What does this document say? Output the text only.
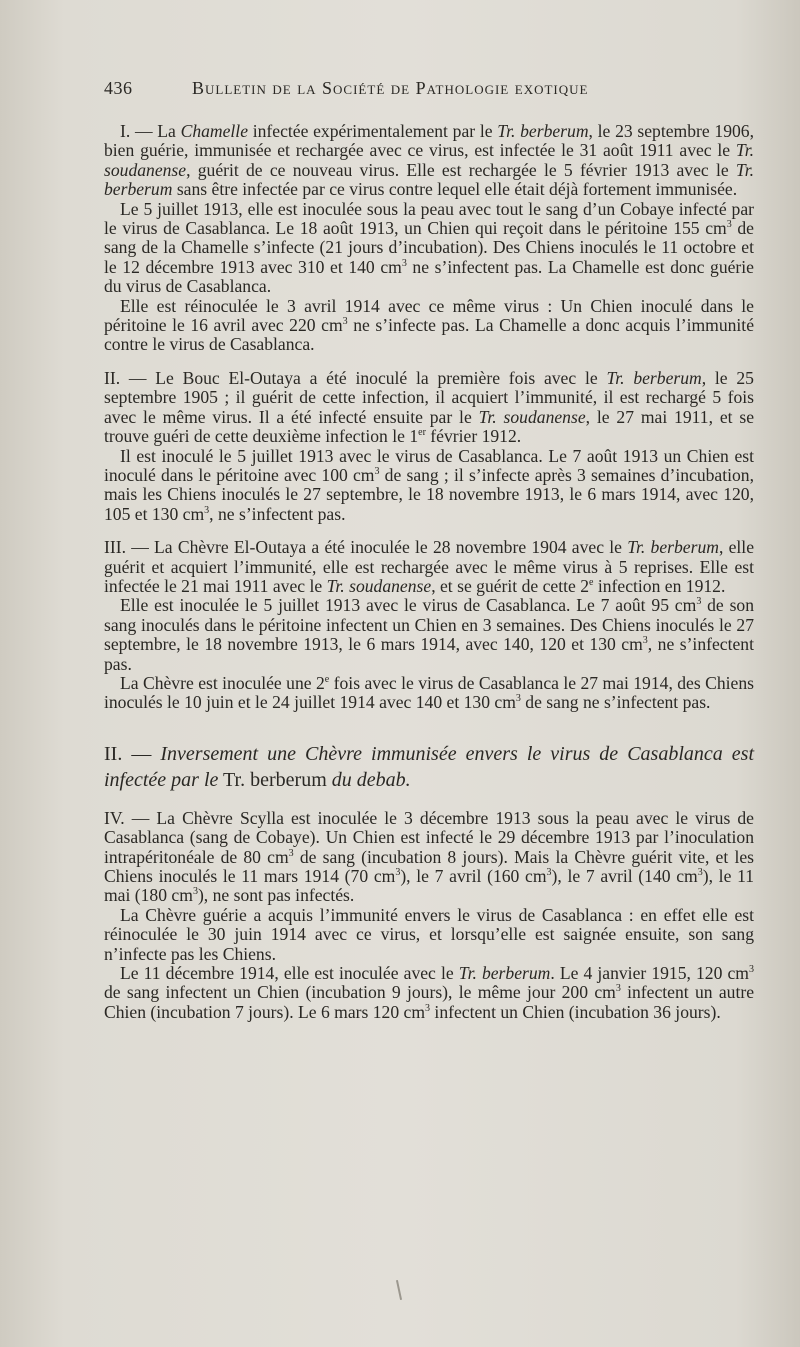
436	Bulletin de la Société de Pathologie exotique

I. — La Chamelle infectée expérimentalement par le Tr. berberum, le 23 septembre 1906, bien guérie, immunisée et rechargée avec ce virus, est infectée le 31 août 1911 avec le Tr. soudanense, guérit de ce nouveau virus. Elle est rechargée le 5 février 1913 avec le Tr. berberum sans être infectée par ce virus contre lequel elle était déjà fortement immunisée.

Le 5 juillet 1913, elle est inoculée sous la peau avec tout le sang d’un Cobaye infecté par le virus de Casablanca. Le 18 août 1913, un Chien qui reçoit dans le péritoine 155 $cm^3$ de sang de la Chamelle s’infecte (21 jours d’incubation). Des Chiens inoculés le 11 octobre et le 12 décembre 1913 avec 310 et 140 $cm^3$ ne s’infectent pas. La Chamelle est donc guérie du virus de Casablanca.

Elle est réinoculée le 3 avril 1914 avec ce même virus : Un Chien inoculé dans le péritoine le 16 avril avec 220 $cm^3$ ne s’infecte pas. La Chamelle a donc acquis l’immunité contre le virus de Casablanca.

II. — Le Bouc El-Outaya a été inoculé la première fois avec le Tr. berberum, le 25 septembre 1905 ; il guérit de cette infection, il acquiert l’immunité, il est rechargé 5 fois avec le même virus. Il a été infecté ensuite par le Tr. soudanense, le 27 mai 1911, et se trouve guéri de cette deuxième infection le 1er février 1912.

Il est inoculé le 5 juillet 1913 avec le virus de Casablanca. Le 7 août 1913 un Chien est inoculé dans le péritoine avec 100 $cm^3$ de sang ; il s’infecte après 3 semaines d’incubation, mais les Chiens inoculés le 27 septembre, le 18 novembre 1913, le 6 mars 1914, avec 120, 105 et 130 $cm^3$, ne s’infectent pas.

III. — La Chèvre El-Outaya a été inoculée le 28 novembre 1904 avec le Tr. berberum, elle guérit et acquiert l’immunité, elle est rechargée avec le même virus à 5 reprises. Elle est infectée le 21 mai 1911 avec le Tr. soudanense, et se guérit de cette 2e infection en 1912.

Elle est inoculée le 5 juillet 1913 avec le virus de Casablanca. Le 7 août 95 $cm^3$ de son sang inoculés dans le péritoine infectent un Chien en 3 semaines. Des Chiens inoculés le 27 septembre, le 18 novembre 1913, le 6 mars 1914, avec 140, 120 et 130 $cm^3$, ne s’infectent pas.

La Chèvre est inoculée une 2e fois avec le virus de Casablanca le 27 mai 1914, des Chiens inoculés le 10 juin et le 24 juillet 1914 avec 140 et 130 $cm^3$ de sang ne s’infectent pas.

II. — Inversement une Chèvre immunisée envers le virus de Casablanca est infectée par le Tr. berberum du debab.

IV. — La Chèvre Scylla est inoculée le 3 décembre 1913 sous la peau avec le virus de Casablanca (sang de Cobaye). Un Chien est infecté le 29 décembre 1913 par l’inoculation intrapéritonéale de 80 $cm^3$ de sang (incubation 8 jours). Mais la Chèvre guérit vite, et les Chiens inoculés le 11 mars 1914 (70 $cm^3$), le 7 avril (160 $cm^3$), le 7 avril (140 $cm^3$), le 11 mai (180 $cm^3$), ne sont pas infectés.

La Chèvre guérie a acquis l’immunité envers le virus de Casablanca : en effet elle est réinoculée le 30 juin 1914 avec ce virus, et lorsqu’elle est saignée ensuite, son sang n’infecte pas les Chiens.

Le 11 décembre 1914, elle est inoculée avec le Tr. berberum. Le 4 janvier 1915, 120 $cm^3$ de sang infectent un Chien (incubation 9 jours), le même jour 200 $cm^3$ infectent un autre Chien (incubation 7 jours). Le 6 mars 120 $cm^3$ infectent un Chien (incubation 36 jours).
